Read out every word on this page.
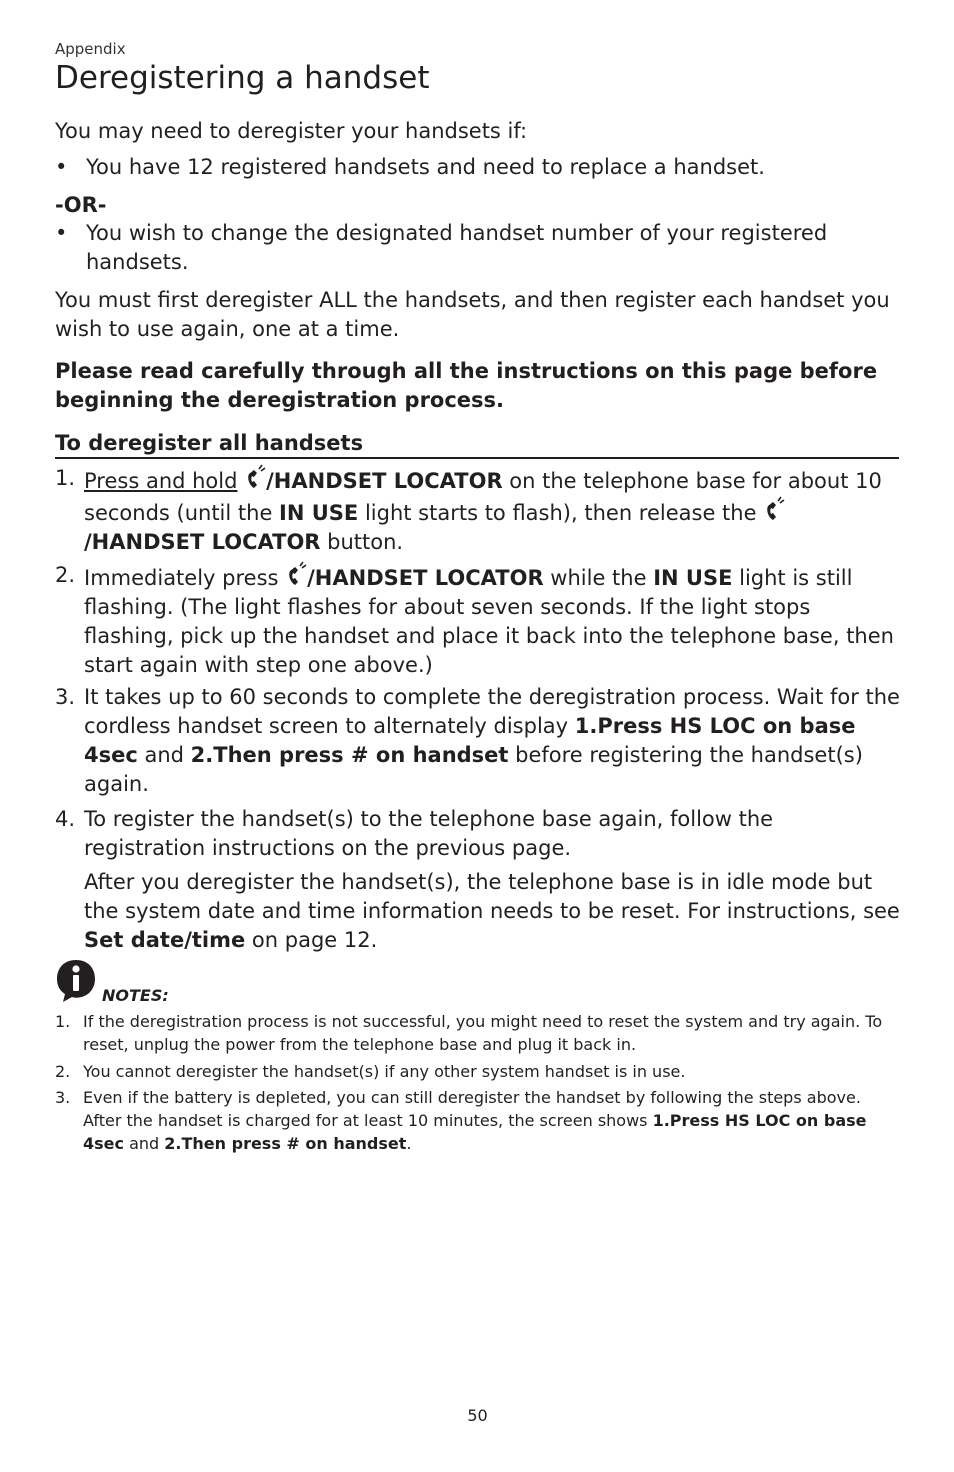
Appendix
Deregistering a handset
You may need to deregister your handsets if:
• You have 12 registered handsets and need to replace a handset.
-OR-
• You wish to change the designated handset number of your registered handsets.
You must first deregister ALL the handsets, and then register each handset you wish to use again, one at a time.
Please read carefully through all the instructions on this page before beginning the deregistration process.
To deregister all handsets
1. Press and hold /HANDSET LOCATOR on the telephone base for about 10 seconds (until the IN USE light starts to flash), then release the /HANDSET LOCATOR button.
2. Immediately press /HANDSET LOCATOR while the IN USE light is still flashing. (The light flashes for about seven seconds. If the light stops flashing, pick up the handset and place it back into the telephone base, then start again with step one above.)
3. It takes up to 60 seconds to complete the deregistration process. Wait for the cordless handset screen to alternately display 1.Press HS LOC on base 4sec and 2.Then press # on handset before registering the handset(s) again.
4. To register the handset(s) to the telephone base again, follow the registration instructions on the previous page.
After you deregister the handset(s), the telephone base is in idle mode but the system date and time information needs to be reset. For instructions, see Set date/time on page 12.
NOTES:
1. If the deregistration process is not successful, you might need to reset the system and try again. To reset, unplug the power from the telephone base and plug it back in.
2. You cannot deregister the handset(s) if any other system handset is in use.
3. Even if the battery is depleted, you can still deregister the handset by following the steps above. After the handset is charged for at least 10 minutes, the screen shows 1.Press HS LOC on base 4sec and 2.Then press # on handset.
50
